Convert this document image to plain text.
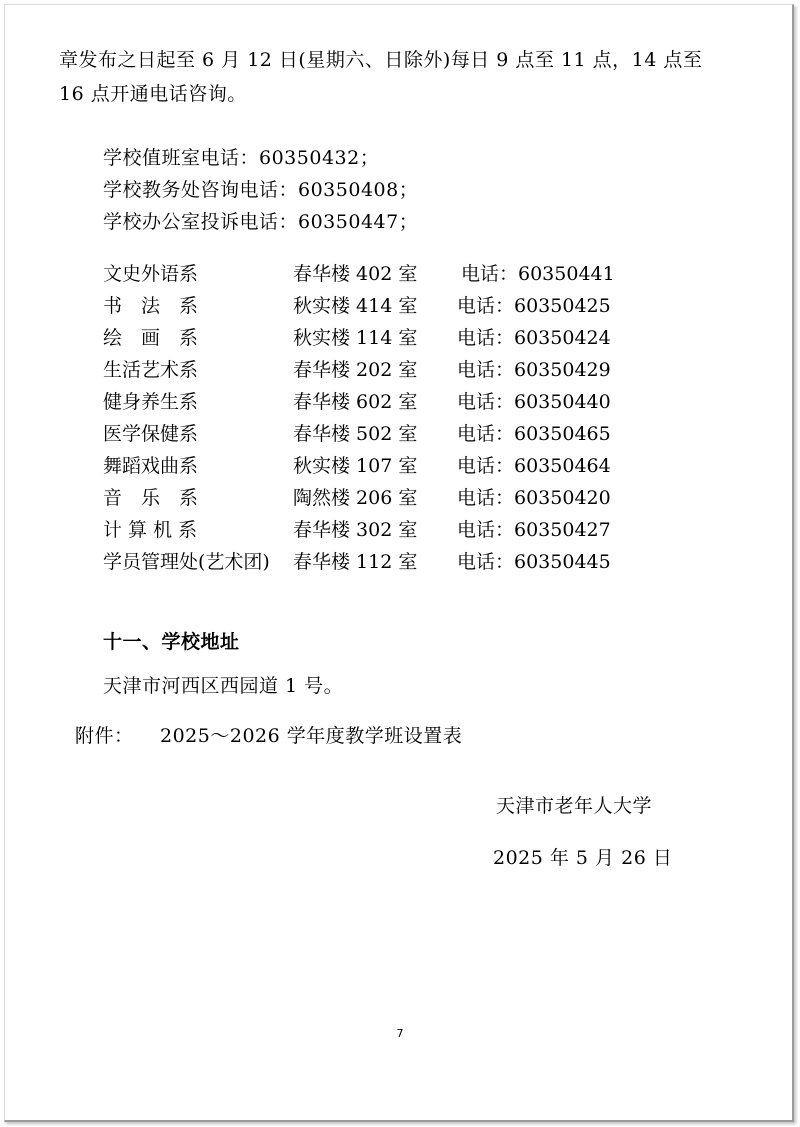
章发布之日起至 6 月 12 日(星期六、日除外)每日 9 点至 11 点，14 点至
16 点开通电话咨询。
学校值班室电话：60350432；
学校教务处咨询电话：60350408；
学校办公室投诉电话：60350447；
文史外语系	春华楼 402 室	电话：60350441
书　法　系	秋实楼 414 室	电话：60350425
绘　画　系	秋实楼 114 室	电话：60350424
生活艺术系	春华楼 202 室	电话：60350429
健身养生系	春华楼 602 室	电话：60350440
医学保健系	春华楼 502 室	电话：60350465
舞蹈戏曲系	秋实楼 107 室	电话：60350464
音　乐　系	陶然楼 206 室	电话：60350420
计 算 机 系	春华楼 302 室	电话：60350427
学员管理处(艺术团)	春华楼 112 室	电话：60350445
十一、学校地址
天津市河西区西园道 1 号。
附件： 2025～2026 学年度教学班设置表
天津市老年人大学
2025 年 5 月 26 日
7
